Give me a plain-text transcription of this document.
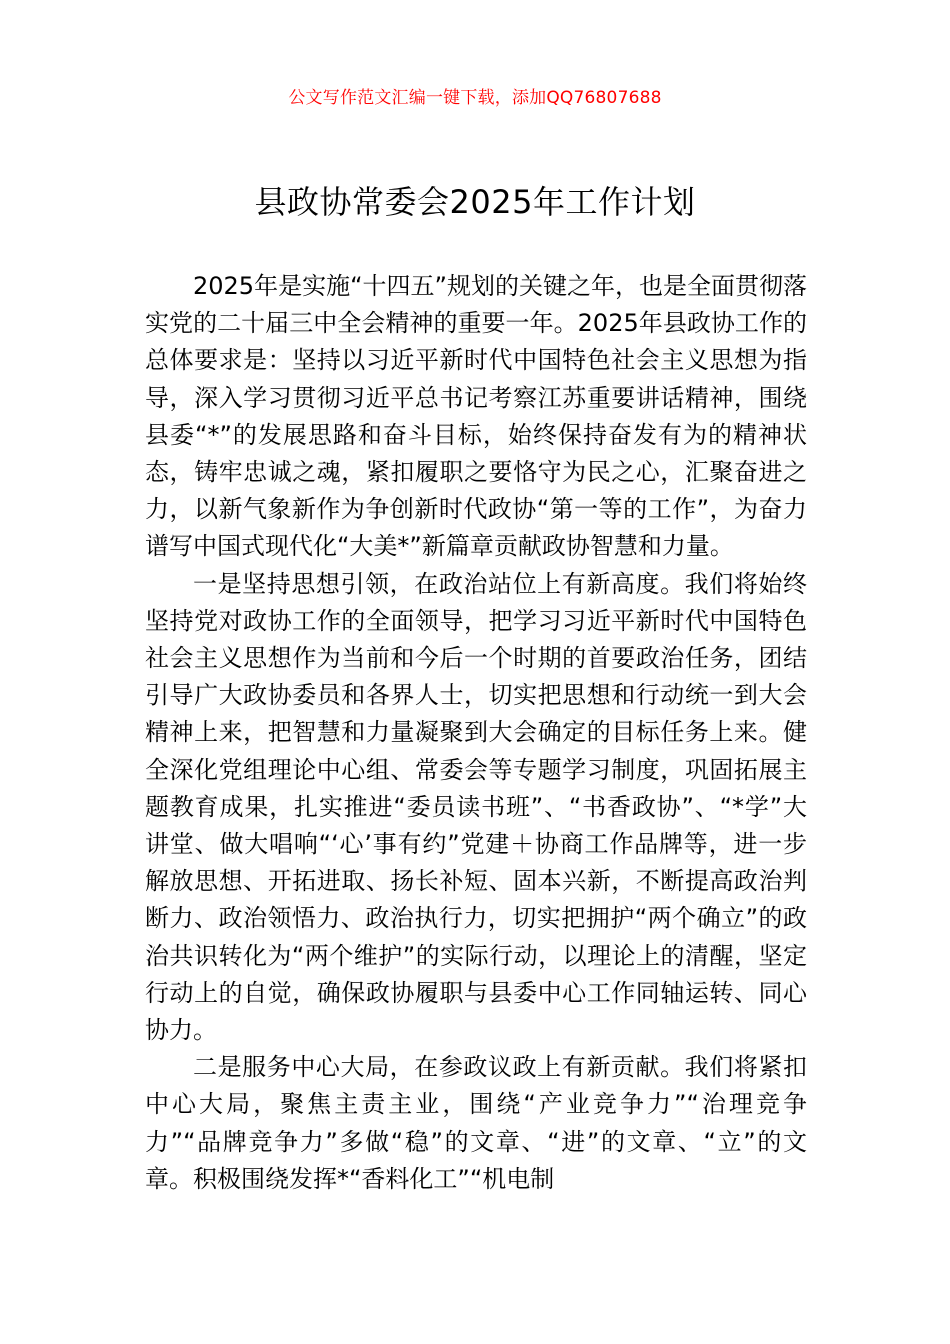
公文写作范文汇编一键下载，添加QQ76807688
县政协常委会2025年工作计划

2025年是实施“十四五”规划的关键之年，也是全面贯彻落实党的二十届三中全会精神的重要一年。2025年县政协工作的总体要求是：坚持以习近平新时代中国特色社会主义思想为指导，深入学习贯彻习近平总书记考察江苏重要讲话精神，围绕县委“*”的发展思路和奋斗目标，始终保持奋发有为的精神状态，铸牢忠诚之魂，紧扣履职之要恪守为民之心，汇聚奋进之力，以新气象新作为争创新时代政协“第一等的工作”，为奋力谱写中国式现代化“大美*”新篇章贡献政协智慧和力量。

一是坚持思想引领，在政治站位上有新高度。我们将始终坚持党对政协工作的全面领导，把学习习近平新时代中国特色社会主义思想作为当前和今后一个时期的首要政治任务，团结引导广大政协委员和各界人士，切实把思想和行动统一到大会精神上来，把智慧和力量凝聚到大会确定的目标任务上来。健全深化党组理论中心组、常委会等专题学习制度，巩固拓展主题教育成果，扎实推进“委员读书班”、“书香政协”、“*学”大讲堂、做大唱响“‘心’事有约”党建＋协商工作品牌等，进一步解放思想、开拓进取、扬长补短、固本兴新，不断提高政治判断力、政治领悟力、政治执行力，切实把拥护“两个确立”的政治共识转化为“两个维护”的实际行动，以理论上的清醒，坚定行动上的自觉，确保政协履职与县委中心工作同轴运转、同心协力。

二是服务中心大局，在参政议政上有新贡献。我们将紧扣中心大局，聚焦主责主业，围绕“产业竞争力”“治理竞争力”“品牌竞争力”多做“稳”的文章、“进”的文章、“立”的文章。积极围绕发挥*“香料化工”“机电制
